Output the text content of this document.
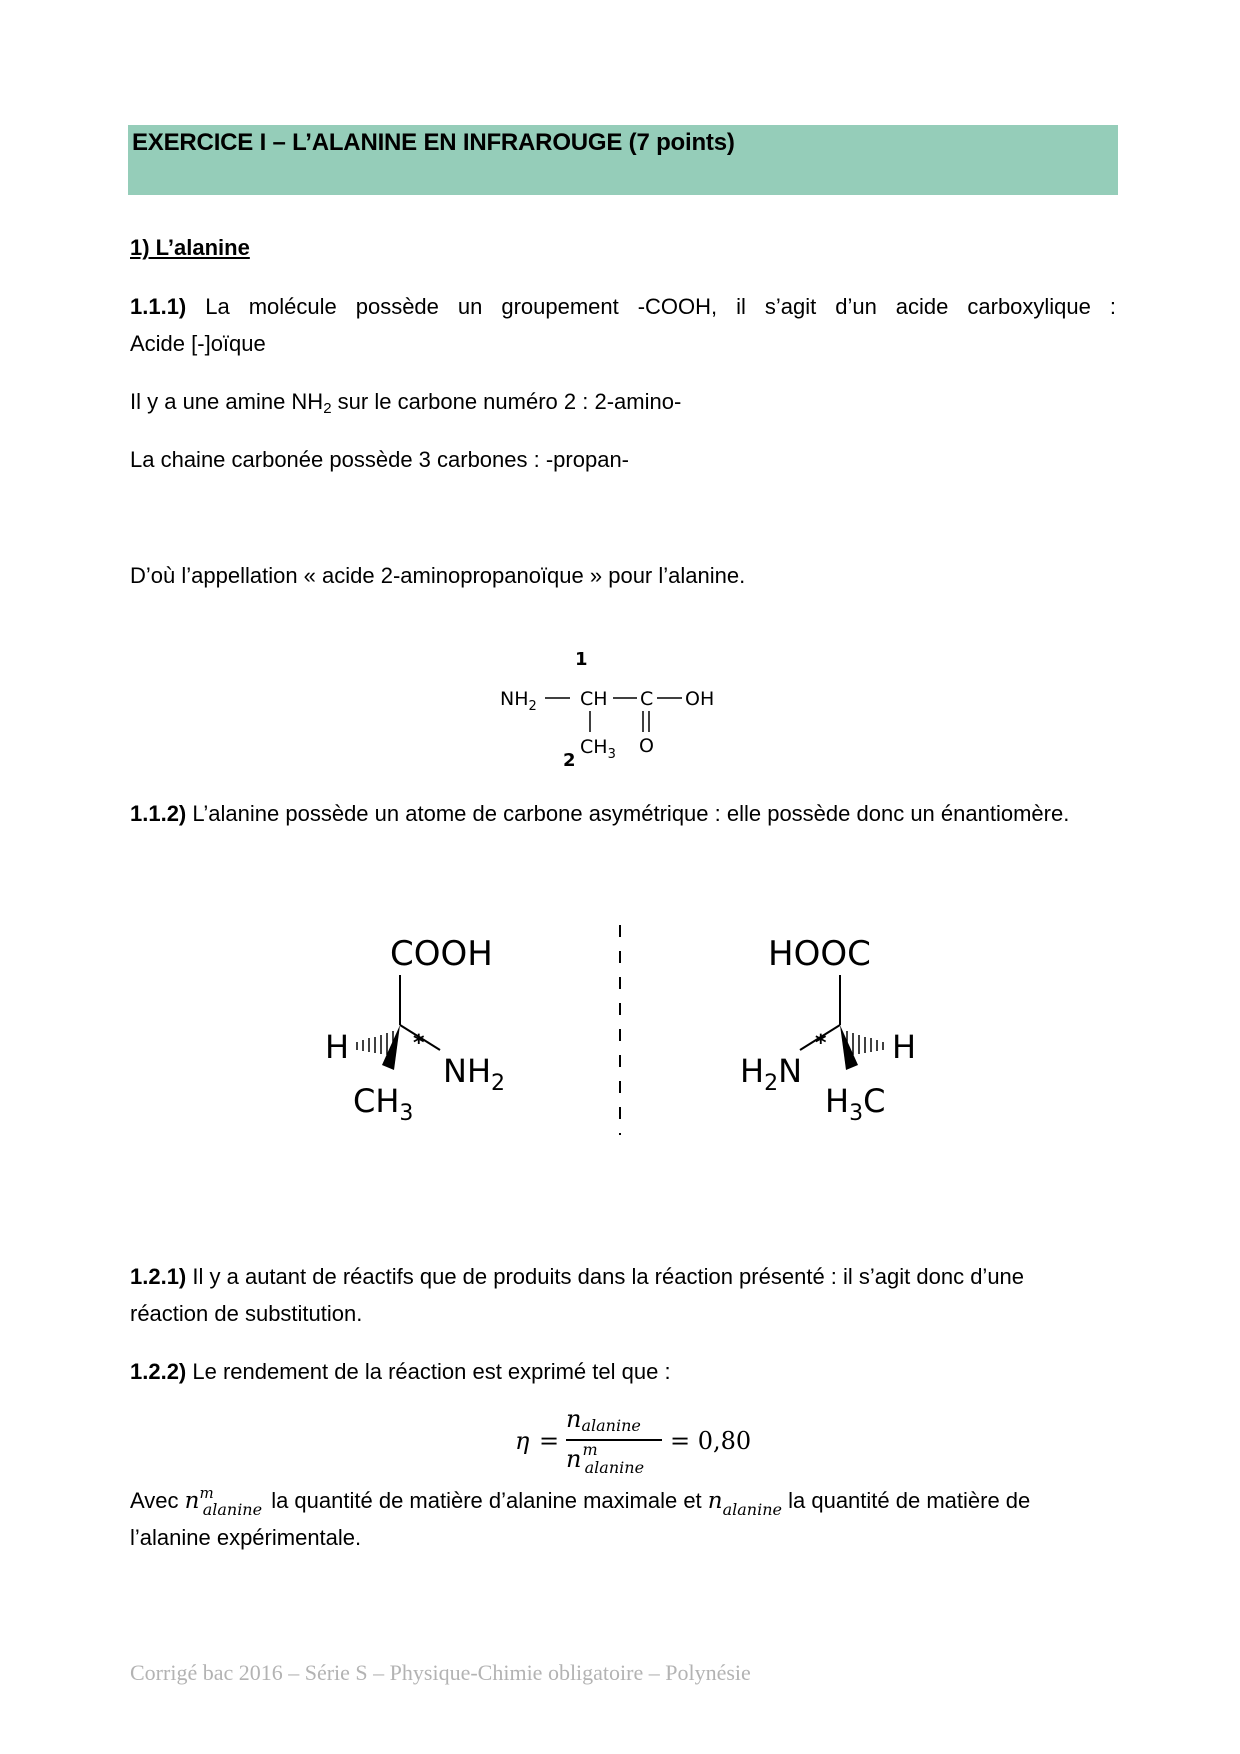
EXERCICE I – L’ALANINE EN INFRAROUGE (7 points)
1) L’alanine
1.1.1) La molécule possède un groupement -COOH, il s’agit d’un acide carboxylique :
Acide [-]oïque
Il y a une amine $NH_2$ sur le carbone numéro 2 : 2-amino-
La chaine carbonée possède 3 carbones : -propan-
D’où l’appellation « acide 2-aminopropanoïque » pour l’alanine.
1
$NH_2$ CH C OH
$CH_3$ O
2
1.1.2) L’alanine possède un atome de carbone asymétrique : elle possède donc un énantiomère.
COOH
H	*
$NH_2$
$CH_3$
HOOC
H
*
$H_2N$
$H_3C$
1.2.1) Il y a autant de réactifs que de produits dans la réaction présenté : il s’agit donc d’une
réaction de substitution.
1.2.2) Le rendement de la réaction est exprimé tel que :
η =
$n_{alanine}$
$n^m_{alanine}$
= 0,80
Avec $n^m_{alanine}$ la quantité de matière d’alanine maximale et $n_{alanine}$ la quantité de matière de
l’alanine expérimentale.
Corrigé bac 2016 – Série S – Physique-Chimie obligatoire – Polynésie
